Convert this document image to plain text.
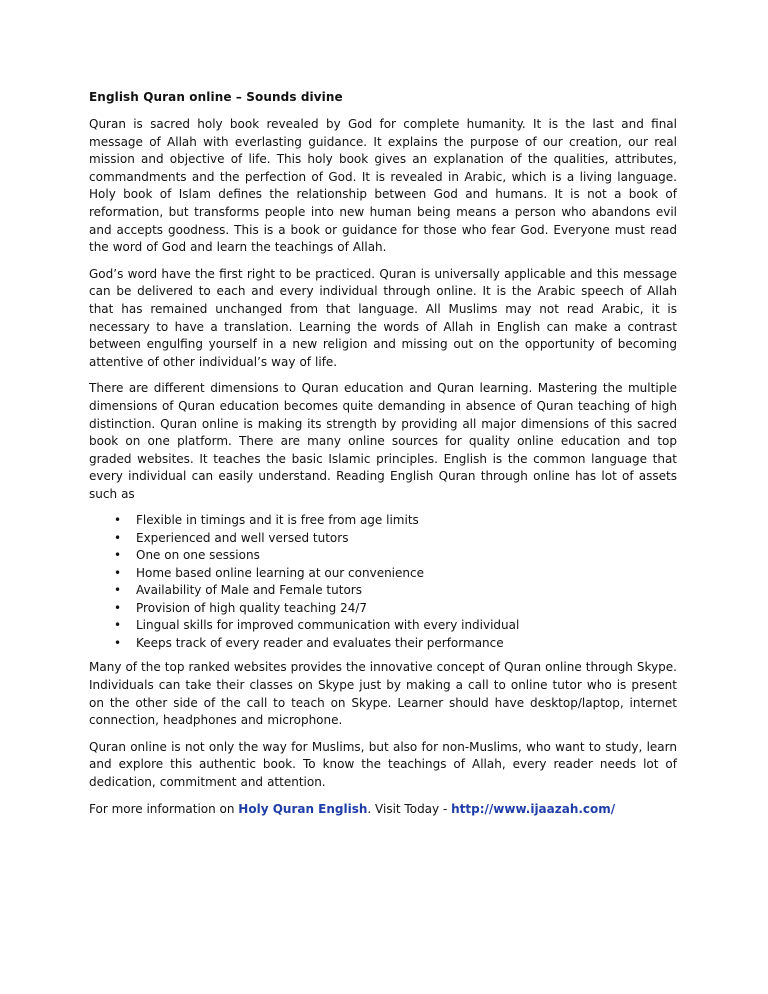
English Quran online – Sounds divine

Quran is sacred holy book revealed by God for complete humanity. It is the last and final message of Allah with everlasting guidance. It explains the purpose of our creation, our real mission and objective of life. This holy book gives an explanation of the qualities, attributes, commandments and the perfection of God. It is revealed in Arabic, which is a living language. Holy book of Islam defines the relationship between God and humans. It is not a book of reformation, but transforms people into new human being means a person who abandons evil and accepts goodness. This is a book or guidance for those who fear God. Everyone must read the word of God and learn the teachings of Allah.

God’s word have the first right to be practiced. Quran is universally applicable and this message can be delivered to each and every individual through online. It is the Arabic speech of Allah that has remained unchanged from that language. All Muslims may not read Arabic, it is necessary to have a translation. Learning the words of Allah in English can make a contrast between engulfing yourself in a new religion and missing out on the opportunity of becoming attentive of other individual’s way of life.

There are different dimensions to Quran education and Quran learning. Mastering the multiple dimensions of Quran education becomes quite demanding in absence of Quran teaching of high distinction. Quran online is making its strength by providing all major dimensions of this sacred book on one platform. There are many online sources for quality online education and top graded websites. It teaches the basic Islamic principles. English is the common language that every individual can easily understand. Reading English Quran through online has lot of assets such as

• Flexible in timings and it is free from age limits
• Experienced and well versed tutors
• One on one sessions
• Home based online learning at our convenience
• Availability of Male and Female tutors
• Provision of high quality teaching 24/7
• Lingual skills for improved communication with every individual
• Keeps track of every reader and evaluates their performance

Many of the top ranked websites provides the innovative concept of Quran online through Skype. Individuals can take their classes on Skype just by making a call to online tutor who is present on the other side of the call to teach on Skype. Learner should have desktop/laptop, internet connection, headphones and microphone.

Quran online is not only the way for Muslims, but also for non-Muslims, who want to study, learn and explore this authentic book. To know the teachings of Allah, every reader needs lot of dedication, commitment and attention.

For more information on Holy Quran English. Visit Today - http://www.ijaazah.com/
